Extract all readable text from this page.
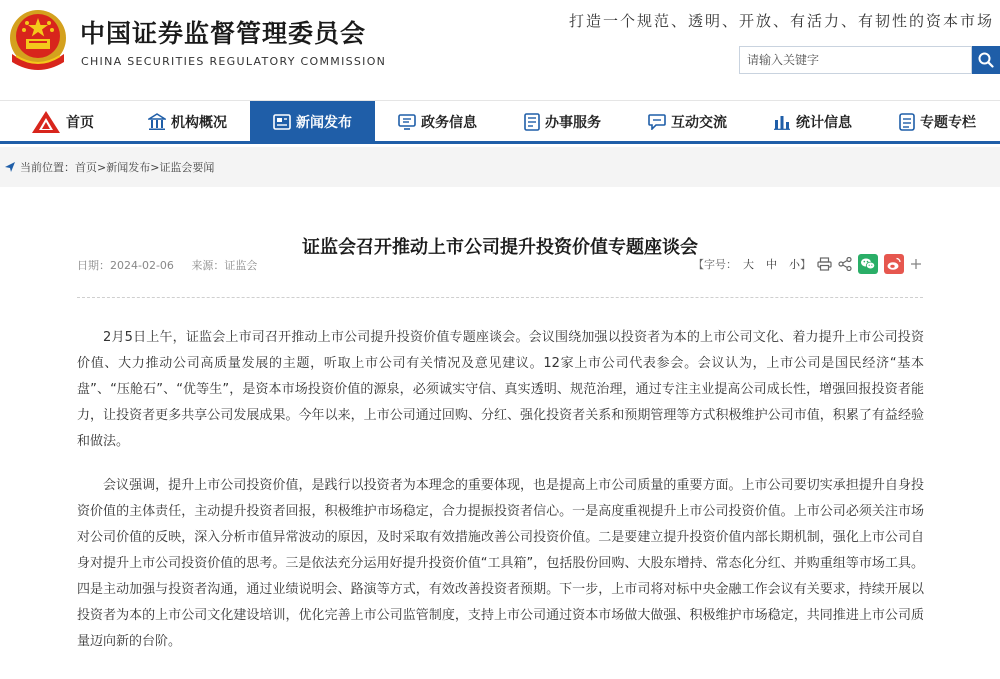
中国证券监督管理委员会
CHINA SECURITIES REGULATORY COMMISSION
打造一个规范、透明、开放、有活力、有韧性的资本市场
请输入关键字
首页	机构概况	新闻发布	政务信息	办事服务	互动交流	统计信息	专题专栏
当前位置： 首页 > 新闻发布 > 证监会要闻
证监会召开推动上市公司提升投资价值专题座谈会
日期：2024-02-06 来源：证监会	【字号： 大 中 小 】

2月5日上午，证监会上市司召开推动上市公司提升投资价值专题座谈会。会议围绕加强以投资者为本的上市公司文化、着力提升上市公司投资价值、大力推动公司高质量发展的主题，听取上市公司有关情况及意见建议。12家上市公司代表参会。会议认为，上市公司是国民经济“基本盘”、“压舱石”、“优等生”，是资本市场投资价值的源泉，必须诚实守信、真实透明、规范治理，通过专注主业提高公司成长性，增强回报投资者能力，让投资者更多共享公司发展成果。今年以来，上市公司通过回购、分红、强化投资者关系和预期管理等方式积极维护公司市值，积累了有益经验和做法。

会议强调，提升上市公司投资价值，是践行以投资者为本理念的重要体现，也是提高上市公司质量的重要方面。上市公司要切实承担提升自身投资价值的主体责任，主动提升投资者回报，积极维护市场稳定，合力提振投资者信心。一是高度重视提升上市公司投资价值。上市公司必须关注市场对公司价值的反映，深入分析市值异常波动的原因，及时采取有效措施改善公司投资价值。二是要建立提升投资价值内部长期机制，强化上市公司自身对提升上市公司投资价值的思考。三是依法充分运用好提升投资价值“工具箱”，包括股份回购、大股东增持、常态化分红、并购重组等市场工具。四是主动加强与投资者沟通，通过业绩说明会、路演等方式，有效改善投资者预期。下一步，上市司将对标中央金融工作会议有关要求，持续开展以投资者为本的上市公司文化建设培训，优化完善上市公司监管制度，支持上市公司通过资本市场做大做强、积极维护市场稳定，共同推进上市公司质量迈向新的台阶。
